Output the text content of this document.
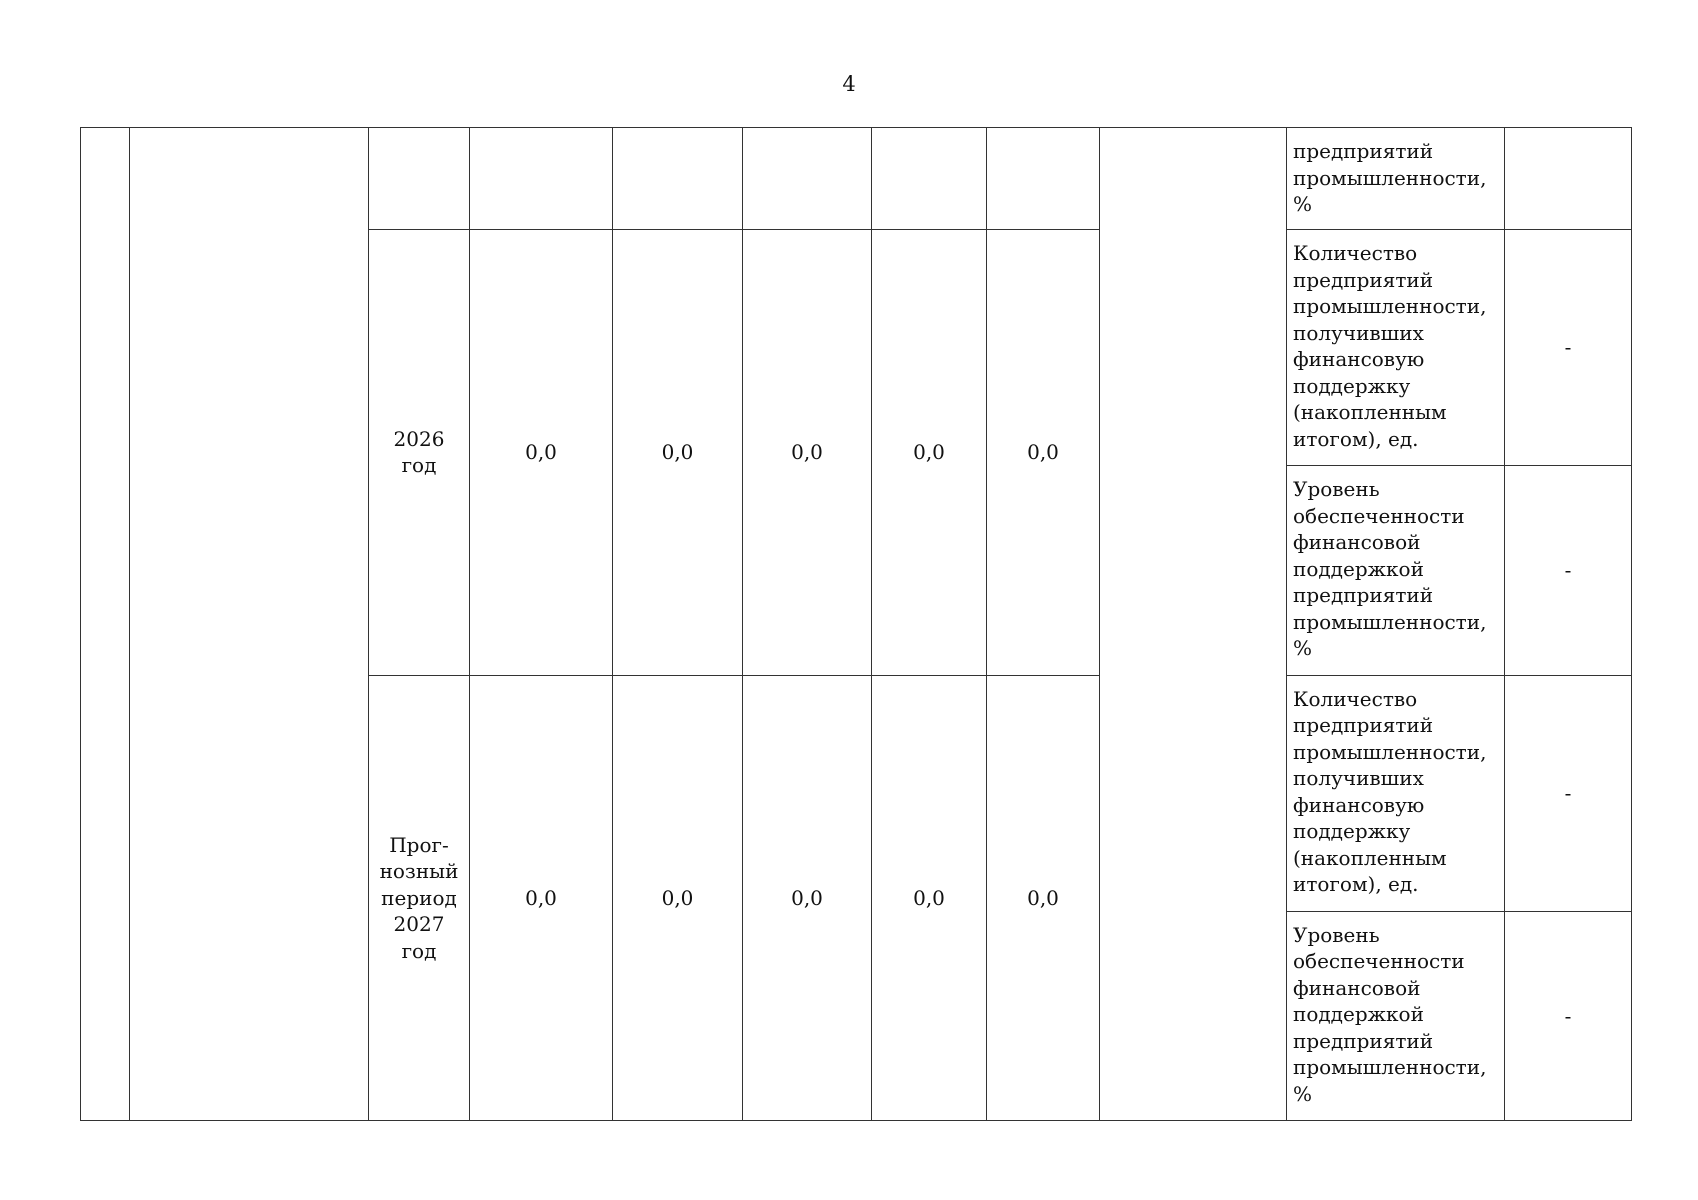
4

									предприятий промышленности, %	

		2026 год	0,0	0,0	0,0	0,0	0,0		Количество предприятий промышленности, получивших финансовую поддержку (накопленным итогом), ед.	-

									Уровень обеспеченности финансовой поддержкой предприятий промышленности, %	-
		Прог-нозный период 2027 год	0,0	0,0	0,0	0,0	0,0		Количество предприятий промышленности, получивших финансовую поддержку (накопленным итогом), ед.	-

									Уровень обеспеченности финансовой поддержкой предприятий промышленности, %	-
